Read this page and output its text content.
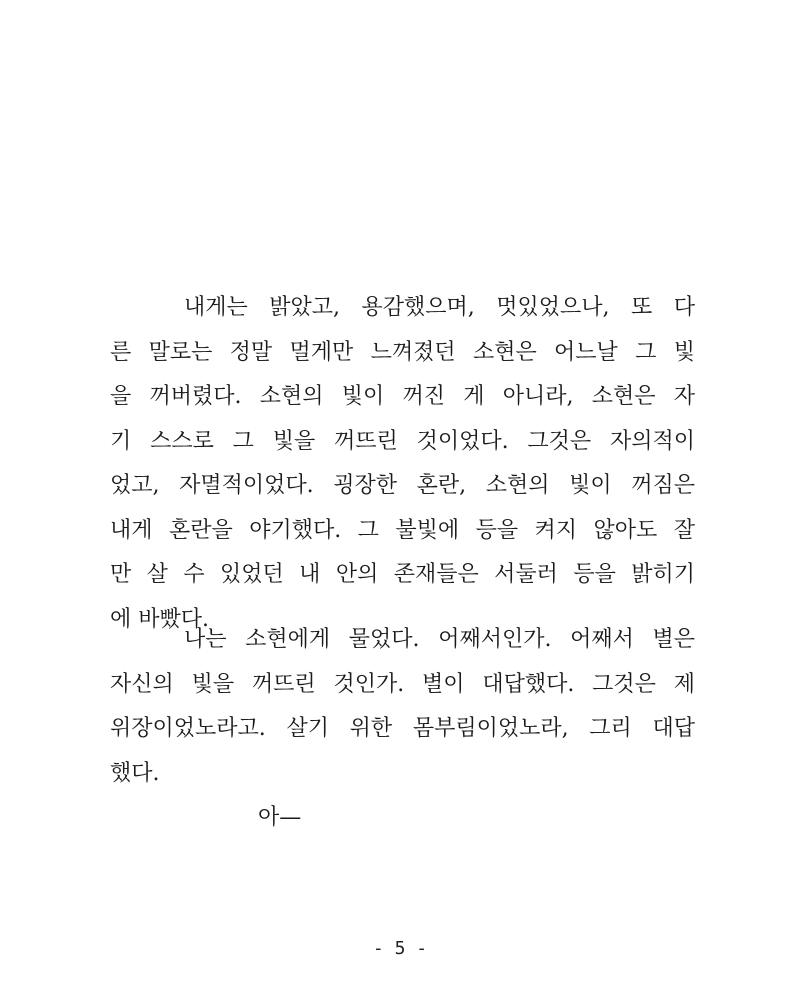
내게는 밝았고, 용감했으며, 멋있었으나, 또 다
른 말로는 정말 멀게만 느껴졌던 소현은 어느날 그 빛
을 꺼버렸다. 소현의 빛이 꺼진 게 아니라, 소현은 자
기 스스로 그 빛을 꺼뜨린 것이었다. 그것은 자의적이
었고, 자멸적이었다. 굉장한 혼란, 소현의 빛이 꺼짐은
내게 혼란을 야기했다. 그 불빛에 등을 켜지 않아도 잘
만 살 수 있었던 내 안의 존재들은 서둘러 등을 밝히기
에 바빴다.
나는 소현에게 물었다. 어째서인가. 어째서 별은
자신의 빛을 꺼뜨린 것인가. 별이 대답했다. 그것은 제
위장이었노라고. 살기 위한 몸부림이었노라, 그리 대답
했다.
아—
- 5 -
